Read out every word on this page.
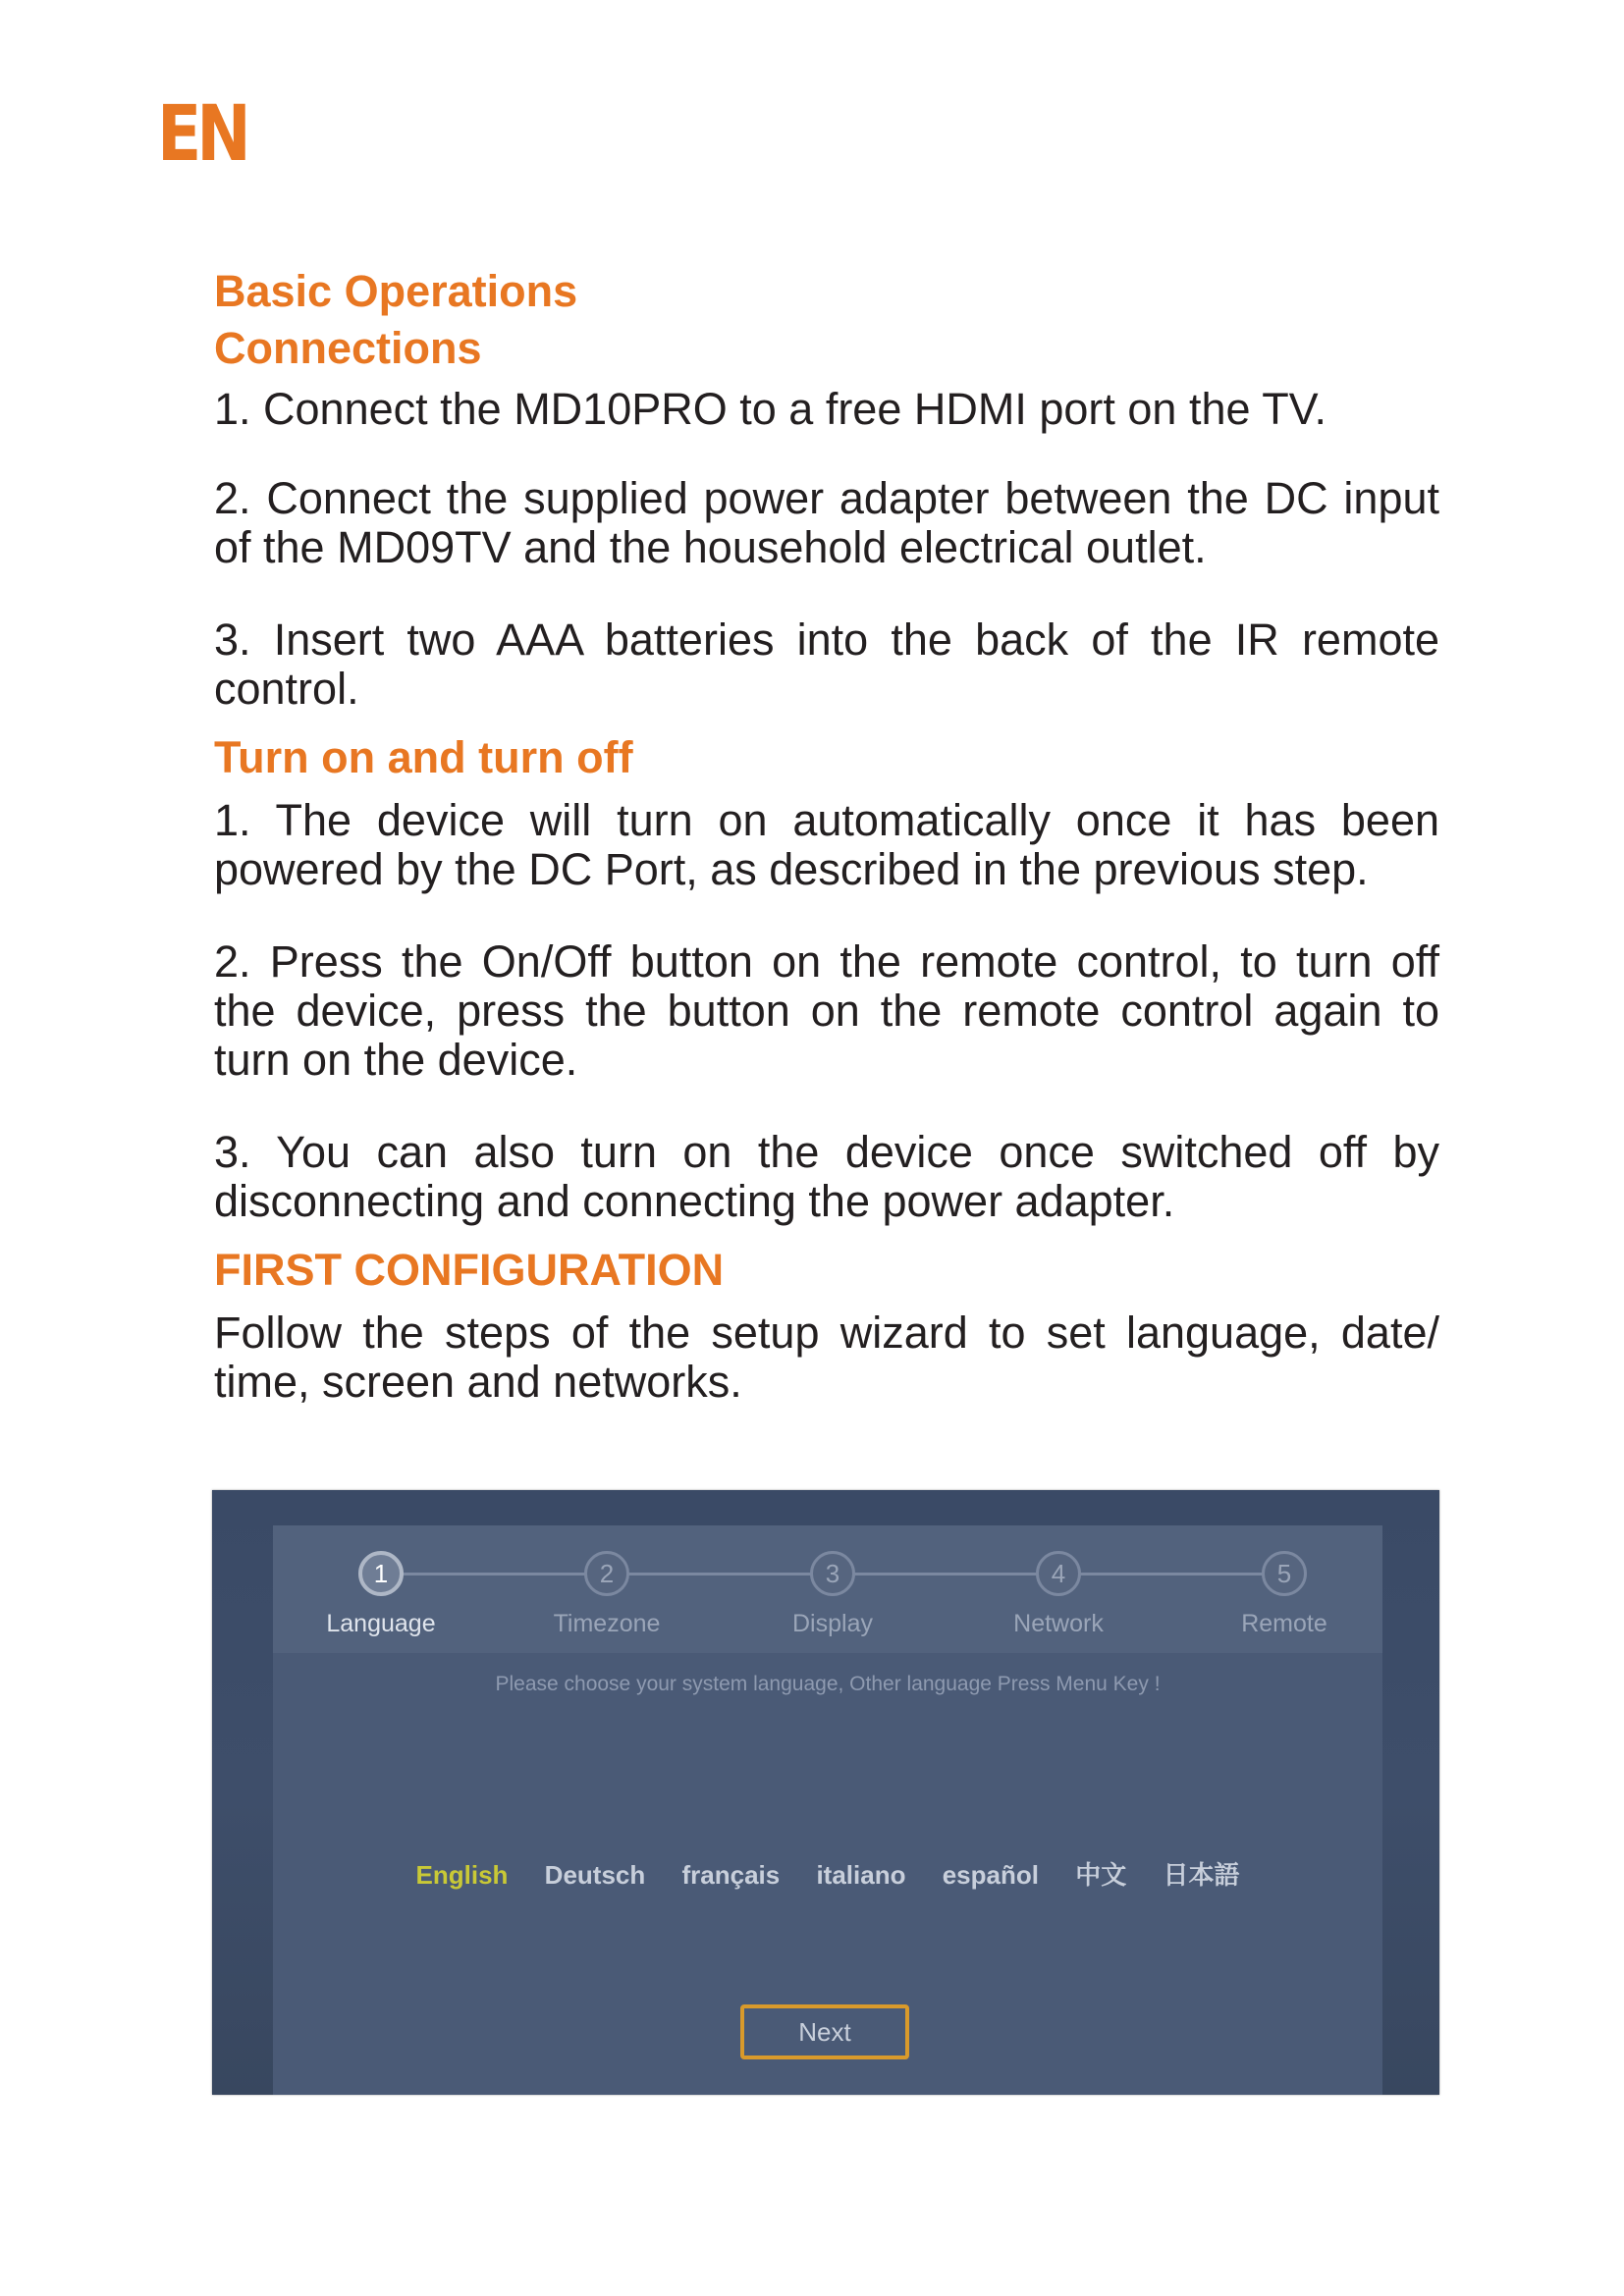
EN
Basic Operations
Connections

1. Connect the MD10PRO to a free HDMI port on the TV.

2. Connect the supplied power adapter between the DC input of the MD09TV and the household electrical outlet.

3. Insert two AAA batteries into the back of the IR remote control.

Turn on and turn off

1. The device will turn on automatically once it has been powered by the DC Port, as described in the previous step.

2. Press the On/Off button on the remote control, to turn off the device, press the button on the remote control again to turn on the device.

3. You can also turn on the device once switched off by disconnecting and connecting the power adapter.

FIRST CONFIGURATION

Follow the steps of the setup wizard to set language, date/ time, screen and networks.

1
Language
2
Timezone
3
Display
4
Network
5
Remote
Please choose your system language, Other language Press Menu Key !
English Deutsch français italiano español 中文 日本語
Next
